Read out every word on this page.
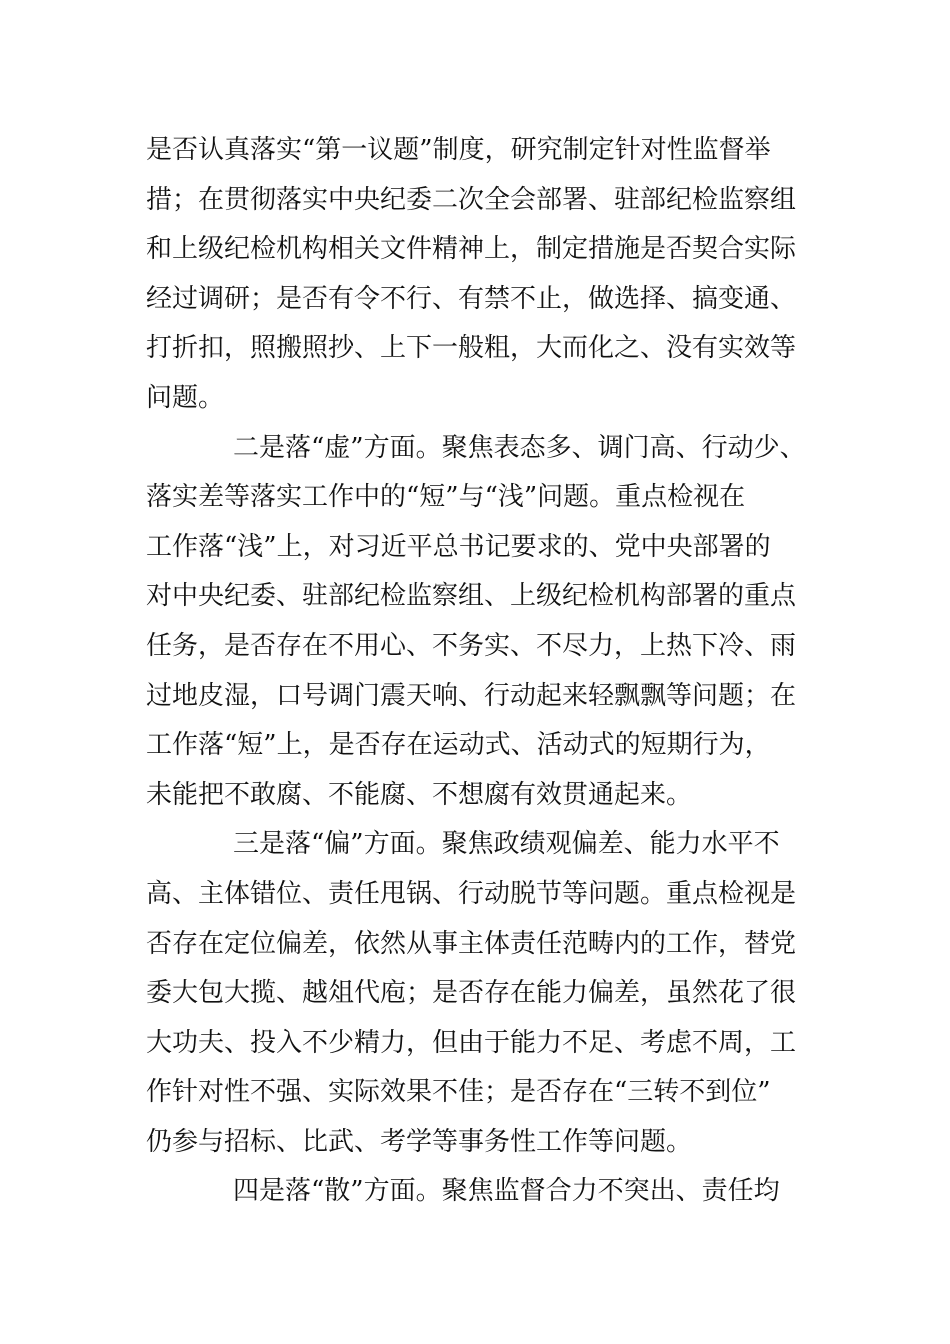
是否认真落实“第一议题”制度，研究制定针对性监督举
措；在贯彻落实中央纪委二次全会部署、驻部纪检监察组
和上级纪检机构相关文件精神上，制定措施是否契合实际
经过调研；是否有令不行、有禁不止，做选择、搞变通、
打折扣，照搬照抄、上下一般粗，大而化之、没有实效等
问题。
二是落“虚”方面。聚焦表态多、调门高、行动少、
落实差等落实工作中的“短”与“浅”问题。重点检视在
工作落“浅”上，对习近平总书记要求的、党中央部署的
对中央纪委、驻部纪检监察组、上级纪检机构部署的重点
任务，是否存在不用心、不务实、不尽力，上热下冷、雨
过地皮湿，口号调门震天响、行动起来轻飘飘等问题；在
工作落“短”上，是否存在运动式、活动式的短期行为，
未能把不敢腐、不能腐、不想腐有效贯通起来。
三是落“偏”方面。聚焦政绩观偏差、能力水平不
高、主体错位、责任甩锅、行动脱节等问题。重点检视是
否存在定位偏差，依然从事主体责任范畴内的工作，替党
委大包大揽、越俎代庖；是否存在能力偏差，虽然花了很
大功夫、投入不少精力，但由于能力不足、考虑不周，工
作针对性不强、实际效果不佳；是否存在“三转不到位”
仍参与招标、比武、考学等事务性工作等问题。
四是落“散”方面。聚焦监督合力不突出、责任均
